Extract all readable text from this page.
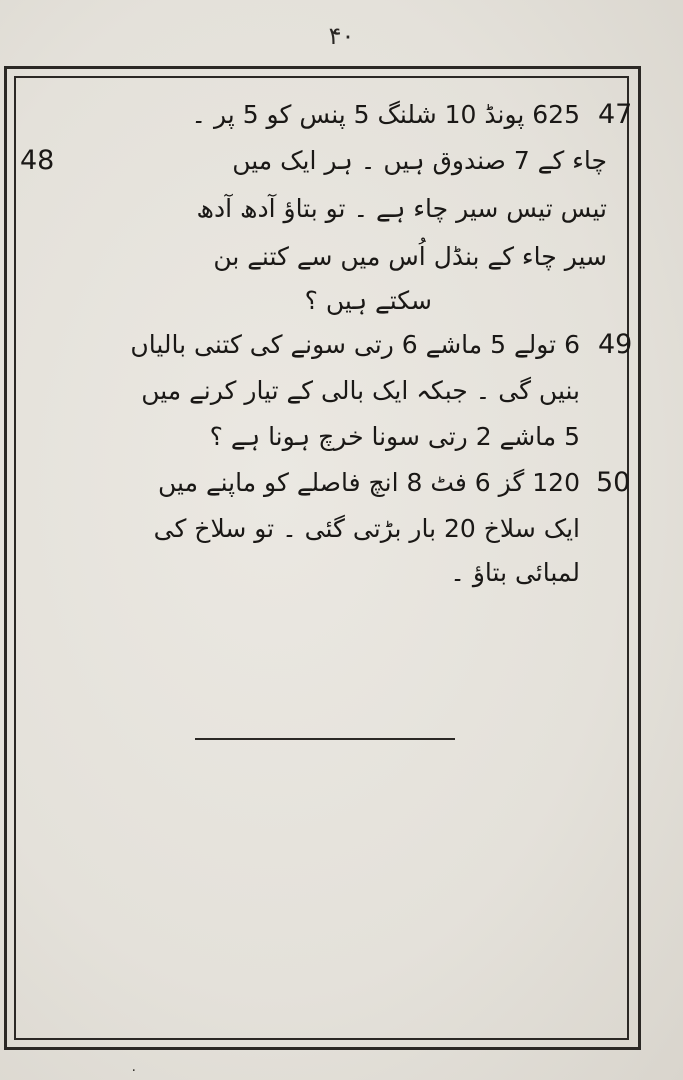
۴۰
47
625 پونڈ 10 شلنگ 5 پنس کو 5 پر ۔
48	چاء کے 7 صندوق ہیں ۔ ہر ایک میں
تیس تیس سیر چاء ہے ۔ تو بتاؤ آدھ آدھ
سیر چاء کے بنڈل اُس میں سے کتنے بن
سکتے ہیں ؟
49
6 تولے 5 ماشے 6 رتی سونے کی کتنی بالیاں
بنیں گی ۔ جبکہ ایک بالی کے تیار کرنے میں
5 ماشے 2 رتی سونا خرچ ہونا ہے ؟
50
120 گز 6 فٹ 8 انچ فاصلے کو ماپنے میں
ایک سلاخ 20 بار بڑتی گئی ۔ تو سلاخ کی
لمبائی بتاؤ ۔
۰
